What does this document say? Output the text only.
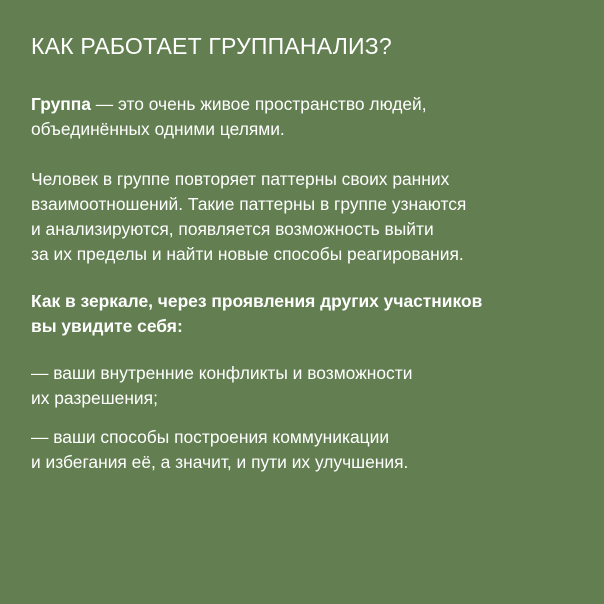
КАК РАБОТАЕТ ГРУППАНАЛИЗ?

Группа — это очень живое пространство людей,
объединённых одними целями.

Человек в группе повторяет паттерны своих ранних
взаимоотношений. Такие паттерны в группе узнаются
и анализируются, появляется возможность выйти
за их пределы и найти новые способы реагирования.

Как в зеркале, через проявления других участников
вы увидите себя:

— ваши внутренние конфликты и возможности
их разрешения;

— ваши способы построения коммуникации
и избегания её, а значит, и пути их улучшения.
